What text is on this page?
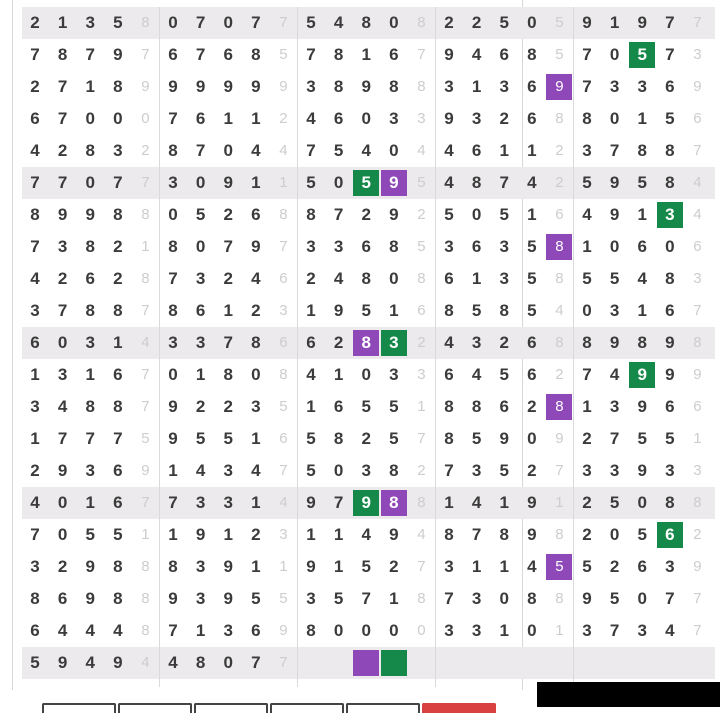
2	1	3	5	8	0	7	0	7	7	5	4	8	0	8	2	2	5	0	5	9	1	9	7	7
7	8	7	9	7	6	7	6	8	5	7	8	1	6	7	9	4	6	8	5	7	0	5	7	3
2	7	1	8	9	9	9	9	9	9	3	8	9	8	8	3	1	3	6	9	7	3	3	6	9
6	7	0	0	0	7	6	1	1	2	4	6	0	3	3	9	3	2	6	8	8	0	1	5	6
4	2	8	3	2	8	7	0	4	4	7	5	4	0	4	4	6	1	1	2	3	7	8	8	7
7	7	0	7	7	3	0	9	1	1	5	0	5	9	5	4	8	7	4	2	5	9	5	8	4
8	9	9	8	8	0	5	2	6	8	8	7	2	9	2	5	0	5	1	6	4	9	1	3	4
7	3	8	2	1	8	0	7	9	7	3	3	6	8	5	3	6	3	5	8	1	0	6	0	6
4	2	6	2	8	7	3	2	4	6	2	4	8	0	8	6	1	3	5	8	5	5	4	8	3
3	7	8	8	7	8	6	1	2	3	1	9	5	1	6	8	5	8	5	4	0	3	1	6	7
6	0	3	1	4	3	3	7	8	6	6	2	8	3	2	4	3	2	6	8	8	9	8	9	8
1	3	1	6	7	0	1	8	0	8	4	1	0	3	3	6	4	5	6	2	7	4	9	9	9
3	4	8	8	7	9	2	2	3	5	1	6	5	5	1	8	8	6	2	8	1	3	9	6	6
1	7	7	7	5	9	5	5	1	6	5	8	2	5	7	8	5	9	0	9	2	7	5	5	1
2	9	3	6	9	1	4	3	4	7	5	0	3	8	2	7	3	5	2	7	3	3	9	3	3
4	0	1	6	7	7	3	3	1	4	9	7	9	8	8	1	4	1	9	1	2	5	0	8	8
7	0	5	5	1	1	9	1	2	3	1	1	4	9	4	8	7	8	9	8	2	0	5	6	2
3	2	9	8	8	8	3	9	1	1	9	1	5	2	7	3	1	1	4	5	5	2	6	3	9
8	6	9	8	8	9	3	9	5	5	3	5	7	1	8	7	3	0	8	8	9	5	0	7	7
6	4	4	4	8	7	1	3	6	9	8	0	0	0	0	3	3	1	0	1	3	7	3	4	7
5	9	4	9	4	4	8	0	7	7
